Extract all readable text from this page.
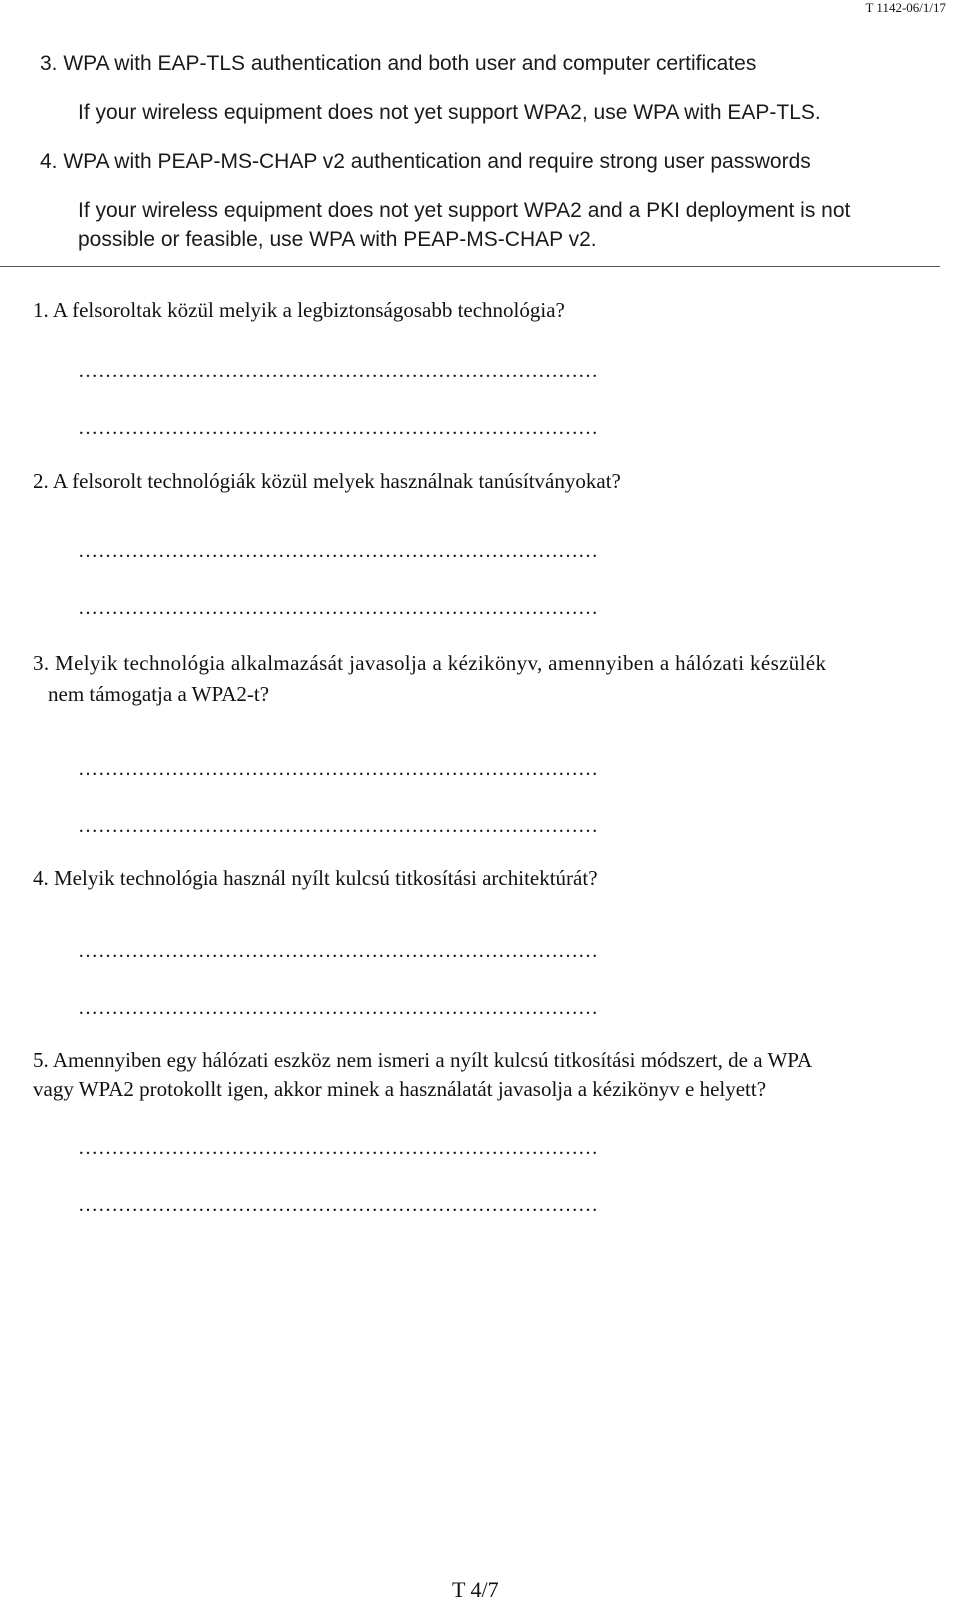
T 1142-06/1/17
3. WPA with EAP-TLS authentication and both user and computer certificates
If your wireless equipment does not yet support WPA2, use WPA with EAP-TLS.
4. WPA with PEAP-MS-CHAP v2 authentication and require strong user passwords
If your wireless equipment does not yet support WPA2 and a PKI deployment is not
possible or feasible, use WPA with PEAP-MS-CHAP v2.
1. A felsoroltak közül melyik a legbiztonságosabb technológia?
……………………………………………………………………
……………………………………………………………………
2. A felsorolt technológiák közül melyek használnak tanúsítványokat?
……………………………………………………………………
……………………………………………………………………
3. Melyik technológia alkalmazását javasolja a kézikönyv, amennyiben a hálózati készülék
nem támogatja a WPA2-t?
……………………………………………………………………
……………………………………………………………………
4. Melyik technológia használ nyílt kulcsú titkosítási architektúrát?
……………………………………………………………………
……………………………………………………………………
5. Amennyiben egy hálózati eszköz nem ismeri a nyílt kulcsú titkosítási módszert, de a WPA
vagy WPA2 protokollt igen, akkor minek a használatát javasolja a kézikönyv e helyett?
……………………………………………………………………
……………………………………………………………………
T 4/7
